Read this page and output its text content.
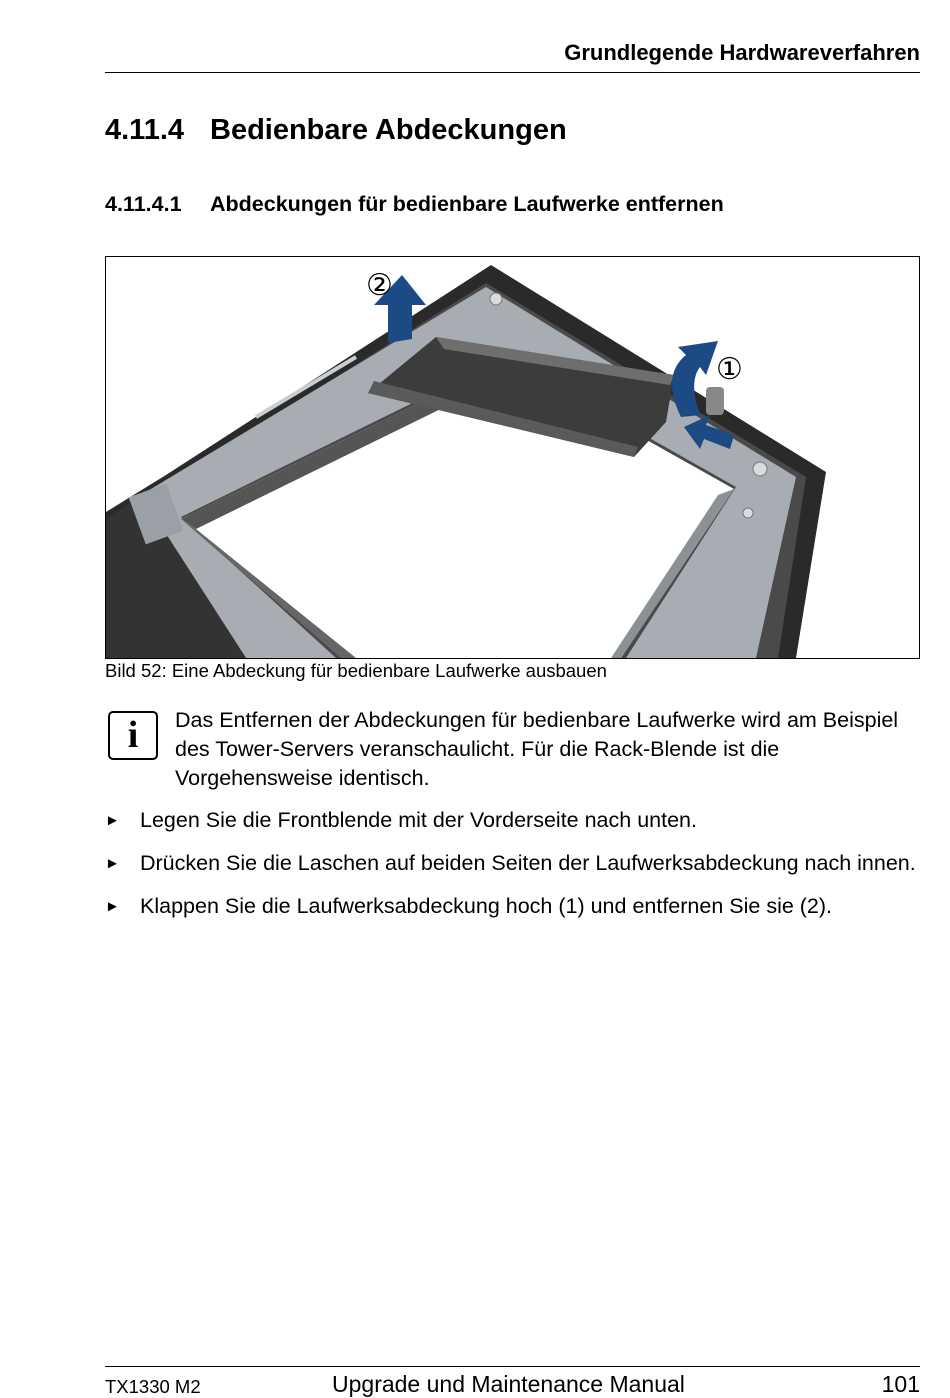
Grundlegende Hardwareverfahren
4.11.4 Bedienbare Abdeckungen
4.11.4.1 Abdeckungen für bedienbare Laufwerke entfernen
②
①
Bild 52: Eine Abdeckung für bedienbare Laufwerke ausbauen
i	Das Entfernen der Abdeckungen für bedienbare Laufwerke wird am Beispiel des Tower-Servers veranschaulicht. Für die Rack-Blende ist die Vorgehensweise identisch.
► Legen Sie die Frontblende mit der Vorderseite nach unten.
► Drücken Sie die Laschen auf beiden Seiten der Laufwerksabdeckung nach innen.
► Klappen Sie die Laufwerksabdeckung hoch (1) und entfernen Sie sie (2).
TX1330 M2	Upgrade und Maintenance Manual	101
